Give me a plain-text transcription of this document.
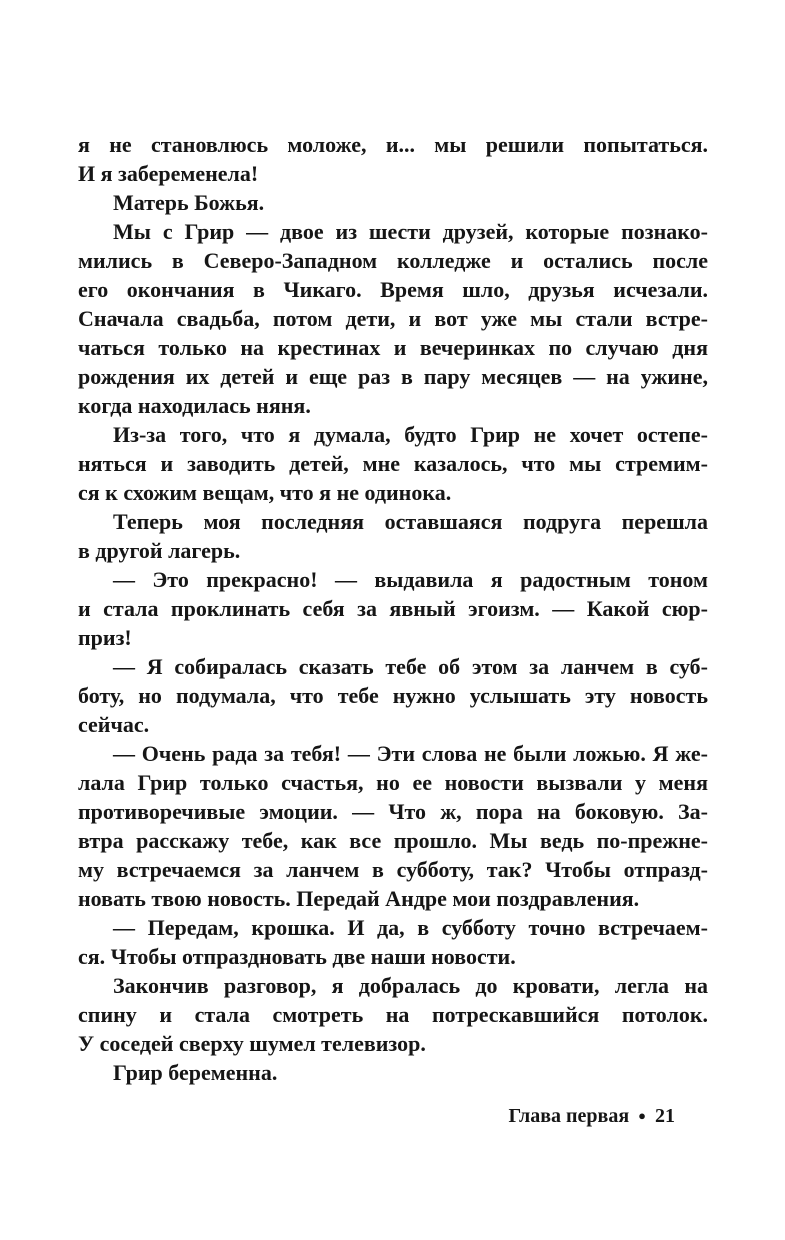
я не становлюсь моложе, и... мы решили попытаться.
И я забеременела!
Матерь Божья.
Мы с Грир — двое из шести друзей, которые познако-
мились в Северо-Западном колледже и остались после
его окончания в Чикаго. Время шло, друзья исчезали.
Сначала свадьба, потом дети, и вот уже мы стали встре-
чаться только на крестинах и вечеринках по случаю дня
рождения их детей и еще раз в пару месяцев — на ужине,
когда находилась няня.
Из-за того, что я думала, будто Грир не хочет остепе-
няться и заводить детей, мне казалось, что мы стремим-
ся к схожим вещам, что я не одинока.
Теперь моя последняя оставшаяся подруга перешла
в другой лагерь.
— Это прекрасно! — выдавила я радостным тоном
и стала проклинать себя за явный эгоизм. — Какой сюр-
приз!
— Я собиралась сказать тебе об этом за ланчем в суб-
боту, но подумала, что тебе нужно услышать эту новость
сейчас.
— Очень рада за тебя! — Эти слова не были ложью. Я же-
лала Грир только счастья, но ее новости вызвали у меня
противоречивые эмоции. — Что ж, пора на боковую. За-
втра расскажу тебе, как все прошло. Мы ведь по-прежне-
му встречаемся за ланчем в субботу, так? Чтобы отпразд-
новать твою новость. Передай Андре мои поздравления.
— Передам, крошка. И да, в субботу точно встречаем-
ся. Чтобы отпраздновать две наши новости.
Закончив разговор, я добралась до кровати, легла на
спину и стала смотреть на потрескавшийся потолок.
У соседей сверху шумел телевизор.
Грир беременна.
Глава первая ● 21
